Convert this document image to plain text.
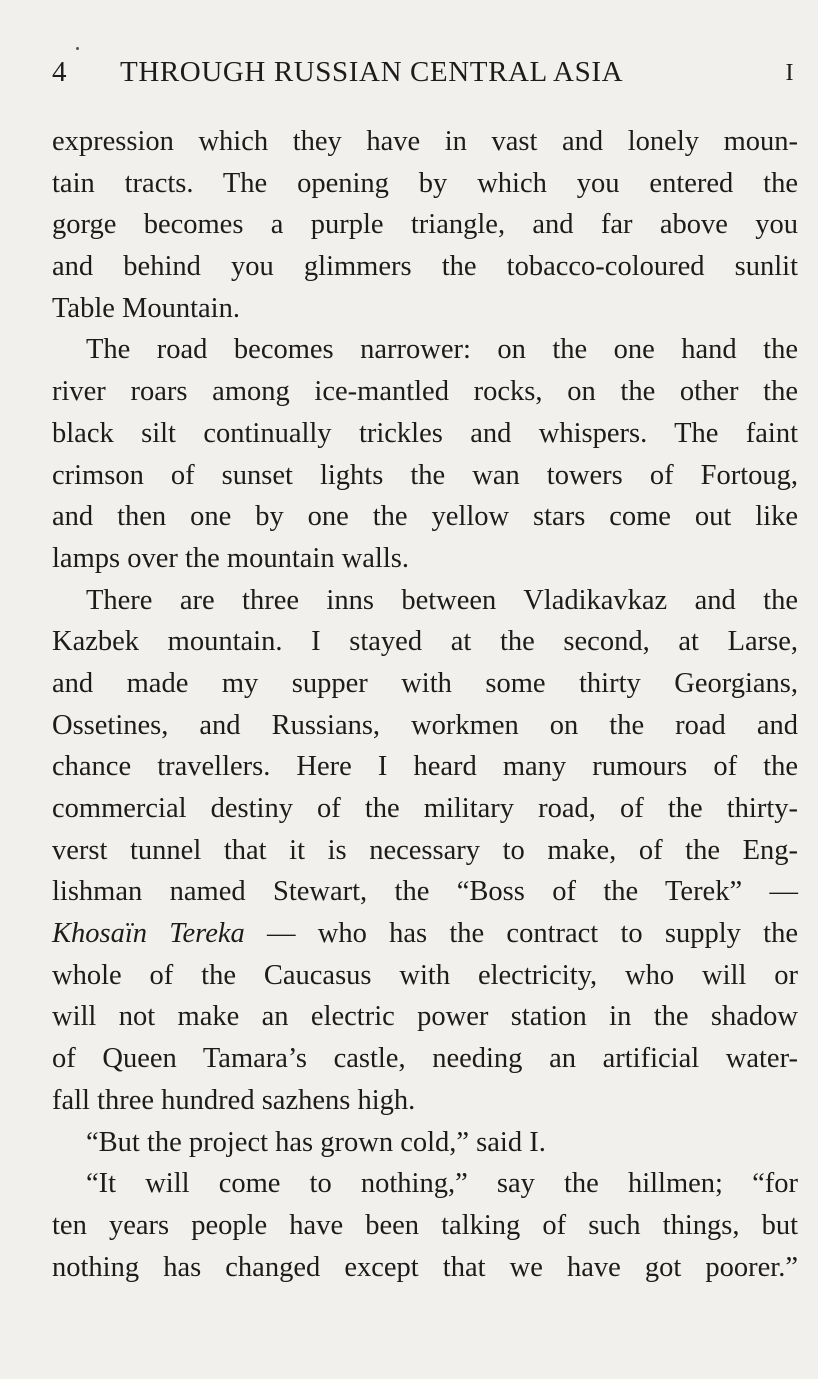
4 THROUGH RUSSIAN CENTRAL ASIA	I
expression which they have in vast and lonely moun-
tain tracts. The opening by which you entered the
gorge becomes a purple triangle, and far above you
and behind you glimmers the tobacco-coloured sunlit
Table Mountain.
The road becomes narrower: on the one hand the
river roars among ice-mantled rocks, on the other the
black silt continually trickles and whispers. The faint
crimson of sunset lights the wan towers of Fortoug,
and then one by one the yellow stars come out like
lamps over the mountain walls.
There are three inns between Vladikavkaz and the
Kazbek mountain. I stayed at the second, at Larse,
and made my supper with some thirty Georgians,
Ossetines, and Russians, workmen on the road and
chance travellers. Here I heard many rumours of the
commercial destiny of the military road, of the thirty-
verst tunnel that it is necessary to make, of the Eng-
lishman named Stewart, the “Boss of the Terek” —
Khosaïn Tereka — who has the contract to supply the
whole of the Caucasus with electricity, who will or
will not make an electric power station in the shadow
of Queen Tamara’s castle, needing an artificial water-
fall three hundred sazhens high.
“But the project has grown cold,” said I.
“It will come to nothing,” say the hillmen; “for
ten years people have been talking of such things, but
nothing has changed except that we have got poorer.”
